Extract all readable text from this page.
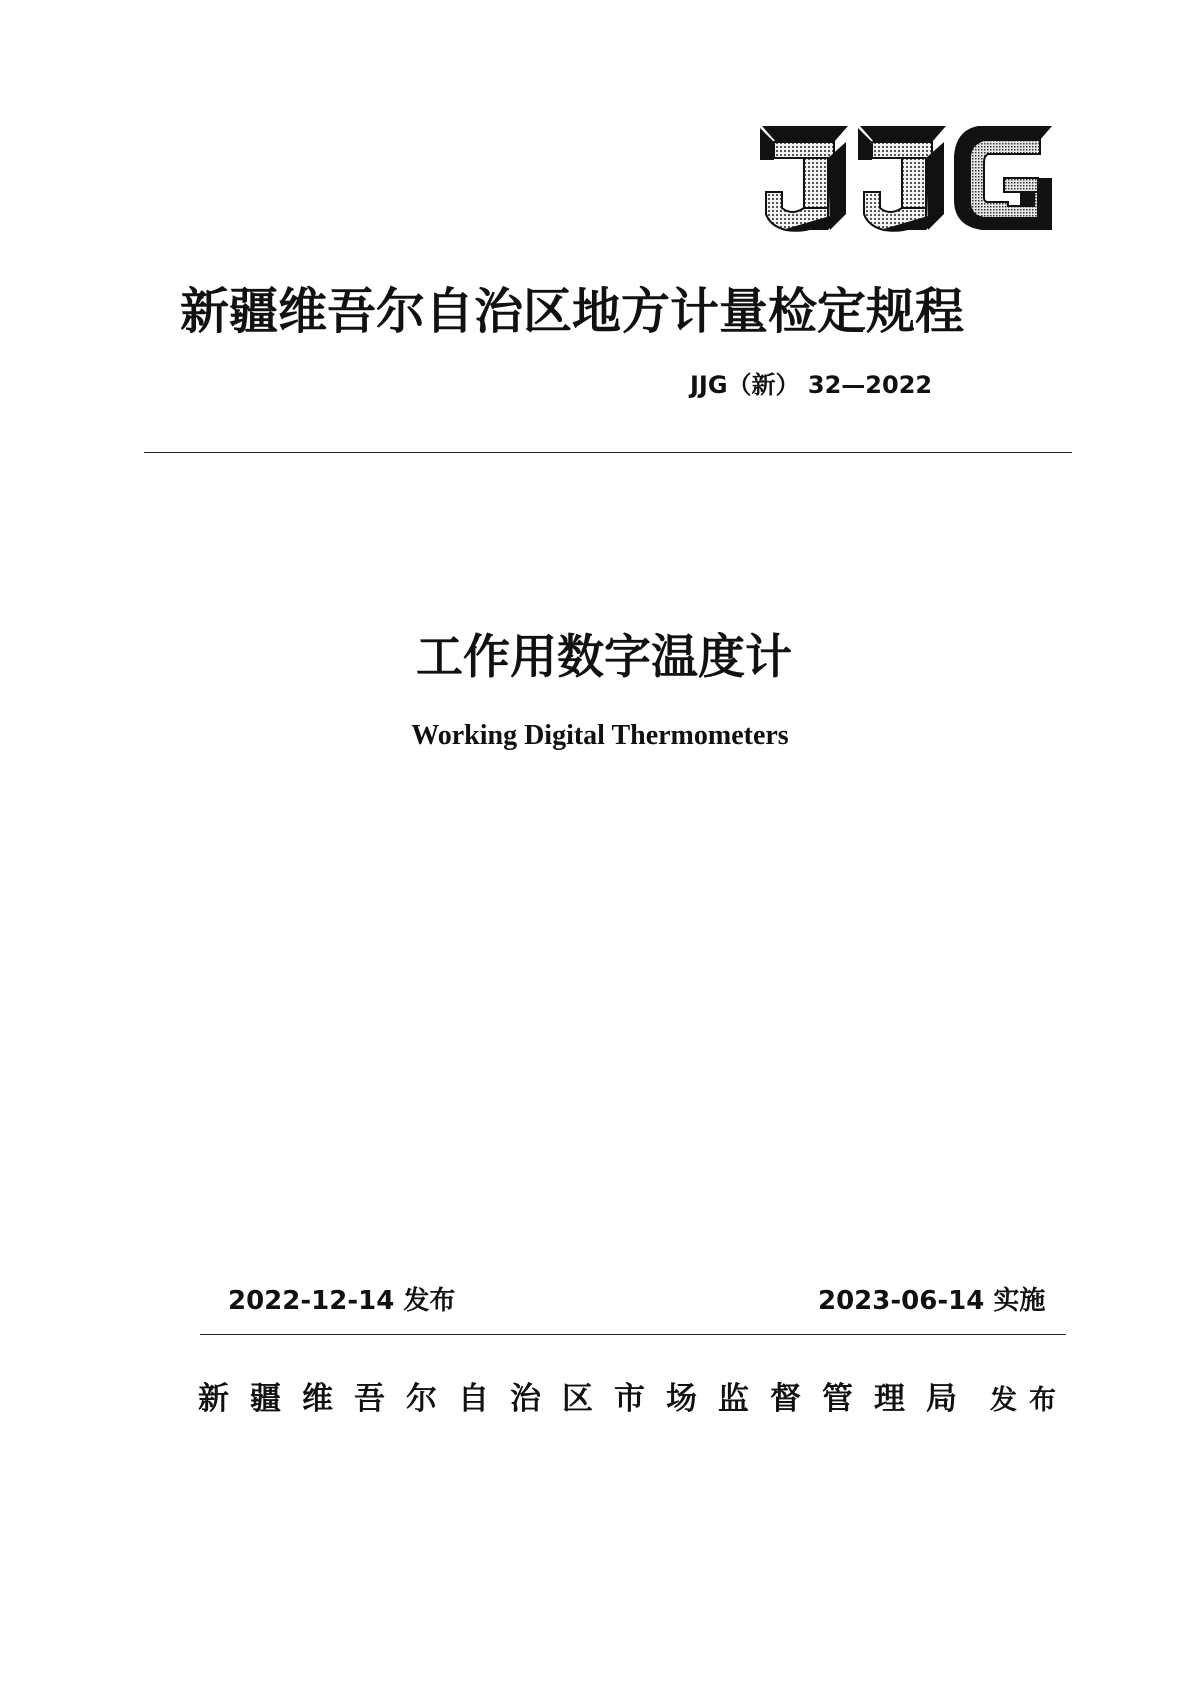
新疆维吾尔自治区地方计量检定规程
JJG（新） 32—2022
工作用数字温度计
Working Digital Thermometers
2022-12-14 发布	2023-06-14 实施
新疆维吾尔自治区市场监督管理局 发布
